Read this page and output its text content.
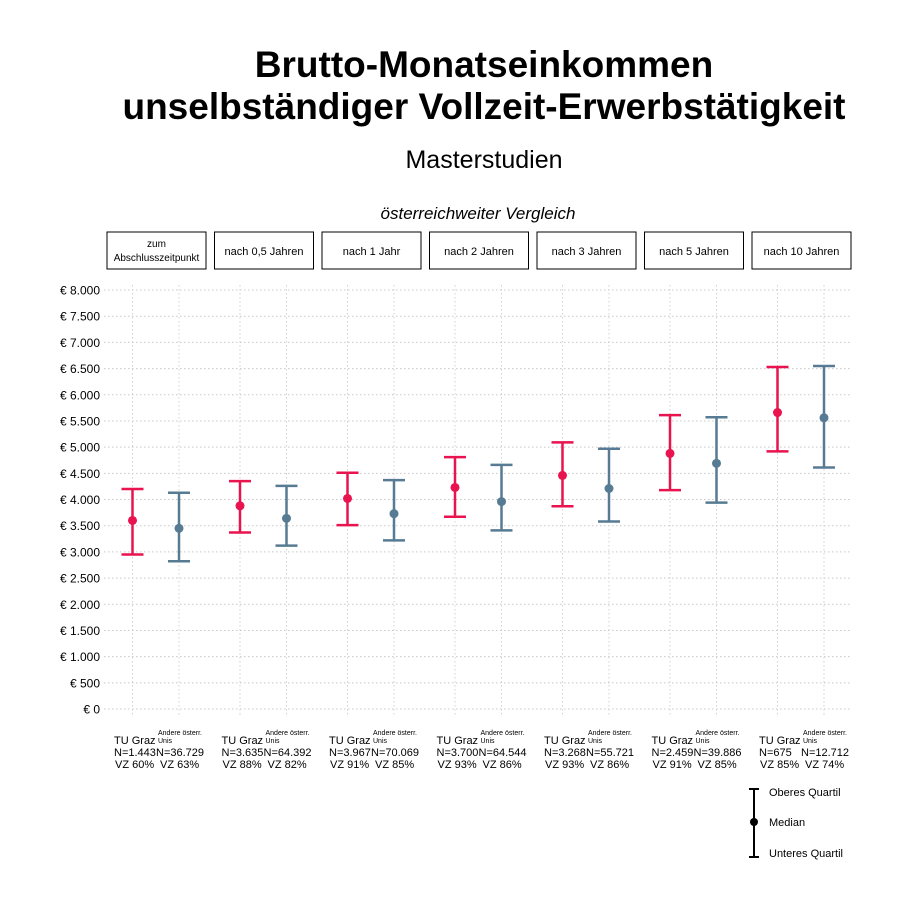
Brutto-Monatseinkommen
unselbständiger Vollzeit-Erwerbstätigkeit
Masterstudien
österreichweiter Vergleich
€ 0
€ 500
€ 1.000
€ 1.500
€ 2.000
€ 2.500
€ 3.000
€ 3.500
€ 4.000
€ 4.500
€ 5.000
€ 5.500
€ 6.000
€ 6.500
€ 7.000
€ 7.500
€ 8.000
zum
Abschlusszeitpunkt
TU Graz
Andere österr.
Unis
N=1.443 N=36.729
VZ 60% VZ 63%
nach 0,5 Jahren
TU Graz
Andere österr.
Unis
N=3.635 N=64.392
VZ 88% VZ 82%
nach 1 Jahr
TU Graz
Andere österr.
Unis
N=3.967 N=70.069
VZ 91% VZ 85%
nach 2 Jahren
TU Graz
Andere österr.
Unis
N=3.700 N=64.544
VZ 93% VZ 86%
nach 3 Jahren
TU Graz
Andere österr.
Unis
N=3.268 N=55.721
VZ 93% VZ 86%
nach 5 Jahren
TU Graz
Andere österr.
Unis
N=2.459 N=39.886
VZ 91% VZ 85%
nach 10 Jahren
TU Graz
Andere österr.
Unis
N=675 N=12.712
VZ 85% VZ 74%
Oberes Quartil
Median
Unteres Quartil
